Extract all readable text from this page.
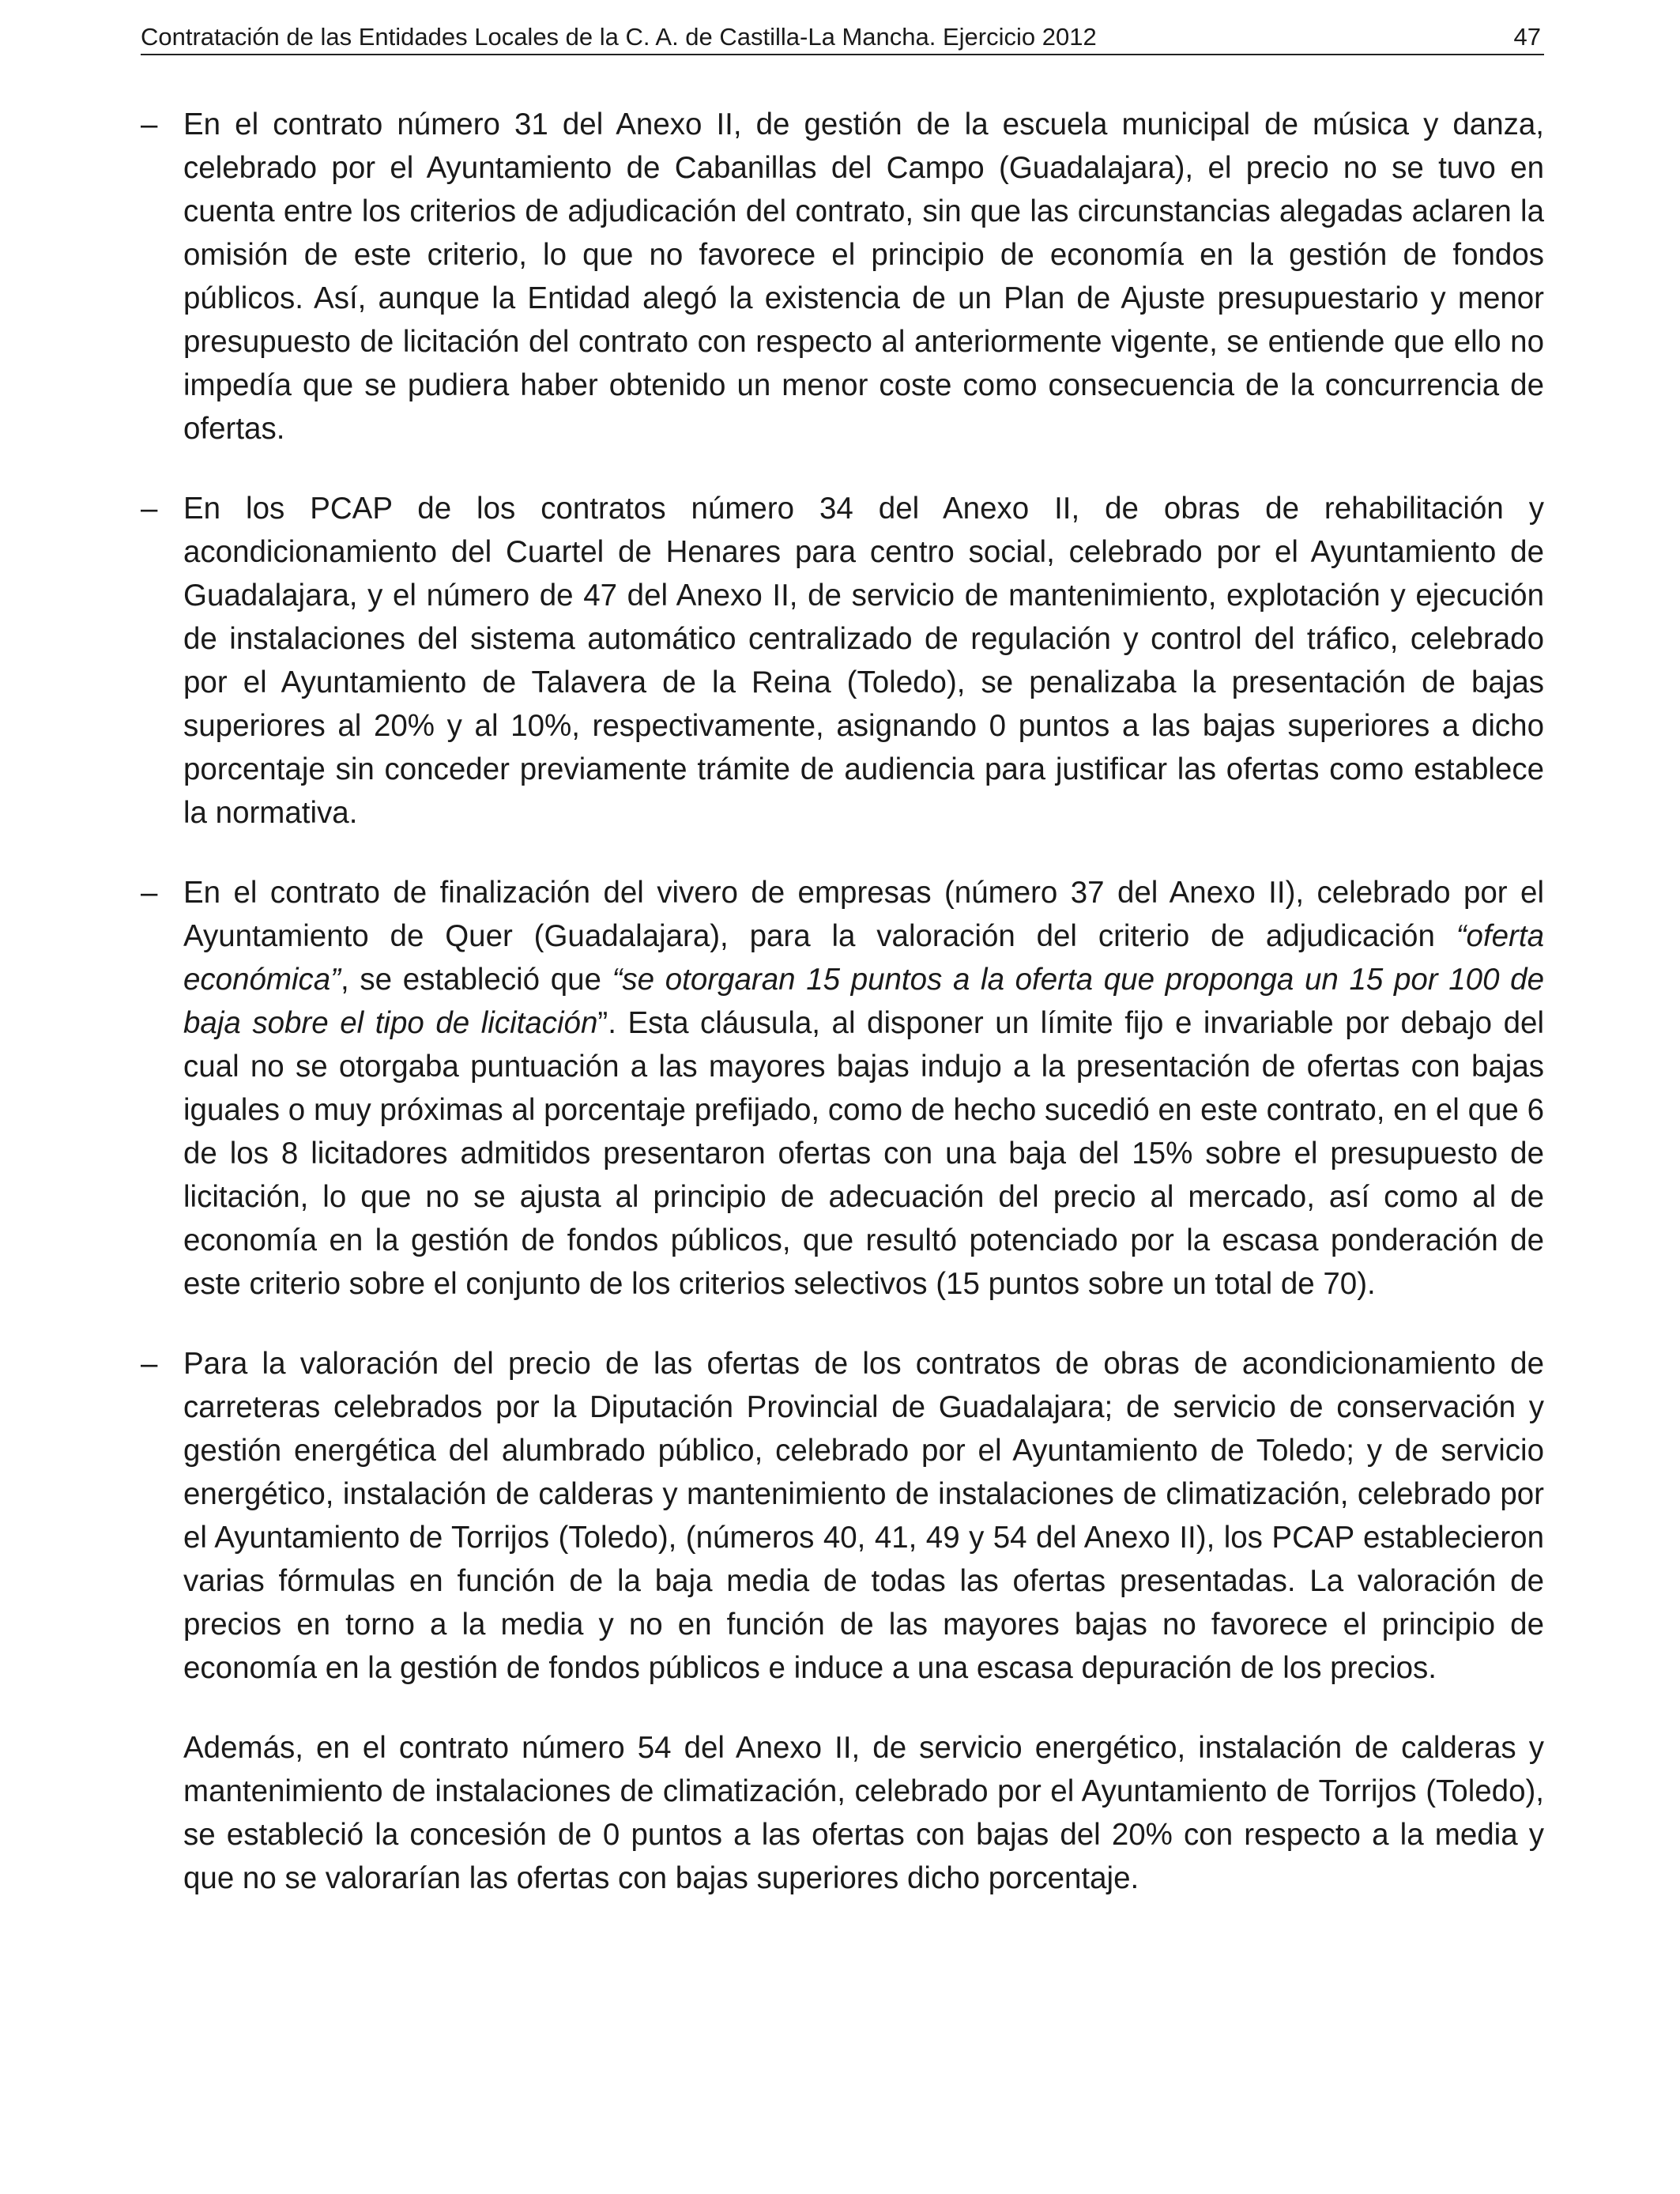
Contratación de las Entidades Locales de la C. A. de Castilla-La Mancha. Ejercicio 2012	47
– En el contrato número 31 del Anexo II, de gestión de la escuela municipal de música y danza, celebrado por el Ayuntamiento de Cabanillas del Campo (Guadalajara), el precio no se tuvo en cuenta entre los criterios de adjudicación del contrato, sin que las circunstancias alegadas aclaren la omisión de este criterio, lo que no favorece el principio de economía en la gestión de fondos públicos. Así, aunque la Entidad alegó la existencia de un Plan de Ajuste presupuestario y menor presupuesto de licitación del contrato con respecto al anteriormente vigente, se entiende que ello no impedía que se pudiera haber obtenido un menor coste como consecuencia de la concurrencia de ofertas.

– En los PCAP de los contratos número 34 del Anexo II, de obras de rehabilitación y acondicionamiento del Cuartel de Henares para centro social, celebrado por el Ayuntamiento de Guadalajara, y el número de 47 del Anexo II, de servicio de mantenimiento, explotación y ejecución de instalaciones del sistema automático centralizado de regulación y control del tráfico, celebrado por el Ayuntamiento de Talavera de la Reina (Toledo), se penalizaba la presentación de bajas superiores al 20% y al 10%, respectivamente, asignando 0 puntos a las bajas superiores a dicho porcentaje sin conceder previamente trámite de audiencia para justificar las ofertas como establece la normativa.

– En el contrato de finalización del vivero de empresas (número 37 del Anexo II), celebrado por el Ayuntamiento de Quer (Guadalajara), para la valoración del criterio de adjudicación “oferta económica”, se estableció que “se otorgaran 15 puntos a la oferta que proponga un 15 por 100 de baja sobre el tipo de licitación”. Esta cláusula, al disponer un límite fijo e invariable por debajo del cual no se otorgaba puntuación a las mayores bajas indujo a la presentación de ofertas con bajas iguales o muy próximas al porcentaje prefijado, como de hecho sucedió en este contrato, en el que 6 de los 8 licitadores admitidos presentaron ofertas con una baja del 15% sobre el presupuesto de licitación, lo que no se ajusta al principio de adecuación del precio al mercado, así como al de economía en la gestión de fondos públicos, que resultó potenciado por la escasa ponderación de este criterio sobre el conjunto de los criterios selectivos (15 puntos sobre un total de 70).

– Para la valoración del precio de las ofertas de los contratos de obras de acondicionamiento de carreteras celebrados por la Diputación Provincial de Guadalajara; de servicio de conservación y gestión energética del alumbrado público, celebrado por el Ayuntamiento de Toledo; y de servicio energético, instalación de calderas y mantenimiento de instalaciones de climatización, celebrado por el Ayuntamiento de Torrijos (Toledo), (números 40, 41, 49 y 54 del Anexo II), los PCAP establecieron varias fórmulas en función de la baja media de todas las ofertas presentadas. La valoración de precios en torno a la media y no en función de las mayores bajas no favorece el principio de economía en la gestión de fondos públicos e induce a una escasa depuración de los precios.

Además, en el contrato número 54 del Anexo II, de servicio energético, instalación de calderas y mantenimiento de instalaciones de climatización, celebrado por el Ayuntamiento de Torrijos (Toledo), se estableció la concesión de 0 puntos a las ofertas con bajas del 20% con respecto a la media y que no se valorarían las ofertas con bajas superiores dicho porcentaje.
